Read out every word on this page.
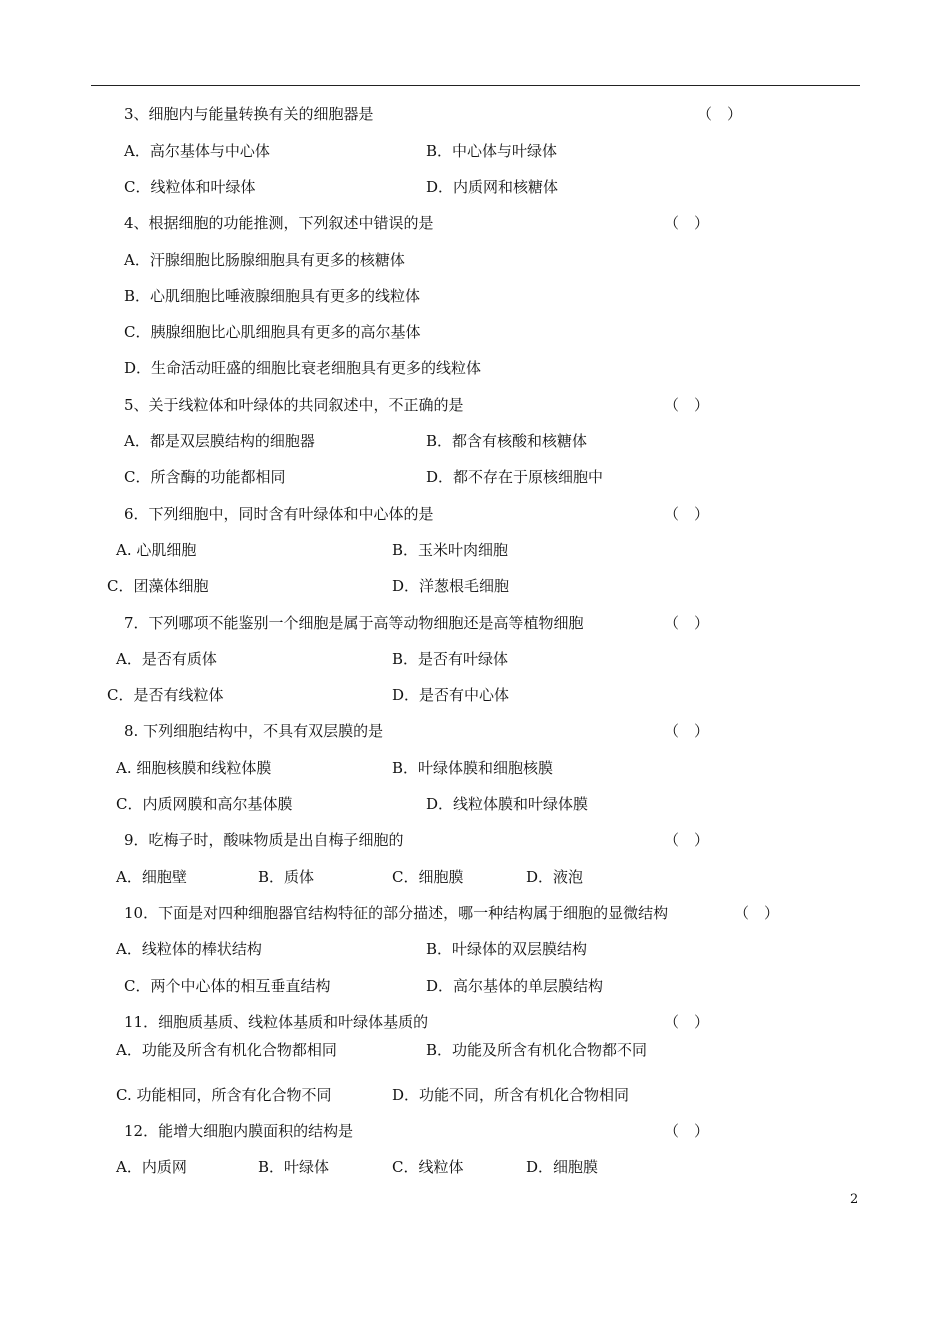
3、细胞内与能量转换有关的细胞器是	（　）
A．高尔基体与中心体	B．中心体与叶绿体
C．线粒体和叶绿体	D．内质网和核糖体
4、根据细胞的功能推测，下列叙述中错误的是	（　）
A．汗腺细胞比肠腺细胞具有更多的核糖体
B．心肌细胞比唾液腺细胞具有更多的线粒体
C．胰腺细胞比心肌细胞具有更多的高尔基体
D．生命活动旺盛的细胞比衰老细胞具有更多的线粒体
5、关于线粒体和叶绿体的共同叙述中，不正确的是	（　）
A．都是双层膜结构的细胞器	B．都含有核酸和核糖体
C．所含酶的功能都相同	D．都不存在于原核细胞中
6．下列细胞中，同时含有叶绿体和中心体的是	（　）
A. 心肌细胞	B．玉米叶肉细胞
C．团藻体细胞	D．洋葱根毛细胞
7．下列哪项不能鉴别一个细胞是属于高等动物细胞还是高等植物细胞	（　）
A．是否有质体	B．是否有叶绿体
C．是否有线粒体	D．是否有中心体
8. 下列细胞结构中，不具有双层膜的是	（　）
A. 细胞核膜和线粒体膜	B．叶绿体膜和细胞核膜
C．内质网膜和高尔基体膜	D．线粒体膜和叶绿体膜
9．吃梅子时，酸味物质是出自梅子细胞的	（　）
A．细胞壁	B．质体	C．细胞膜	D．液泡
10．下面是对四种细胞器官结构特征的部分描述，哪一种结构属于细胞的显微结构	（　）
A．线粒体的棒状结构	B．叶绿体的双层膜结构
C．两个中心体的相互垂直结构	D．高尔基体的单层膜结构
11．细胞质基质、线粒体基质和叶绿体基质的	（　）
A．功能及所含有机化合物都相同	B．功能及所含有机化合物都不同
C. 功能相同，所含有化合物不同	D．功能不同，所含有机化合物相同
12．能增大细胞内膜面积的结构是	（　）
A．内质网	B．叶绿体	C．线粒体	D．细胞膜
2
